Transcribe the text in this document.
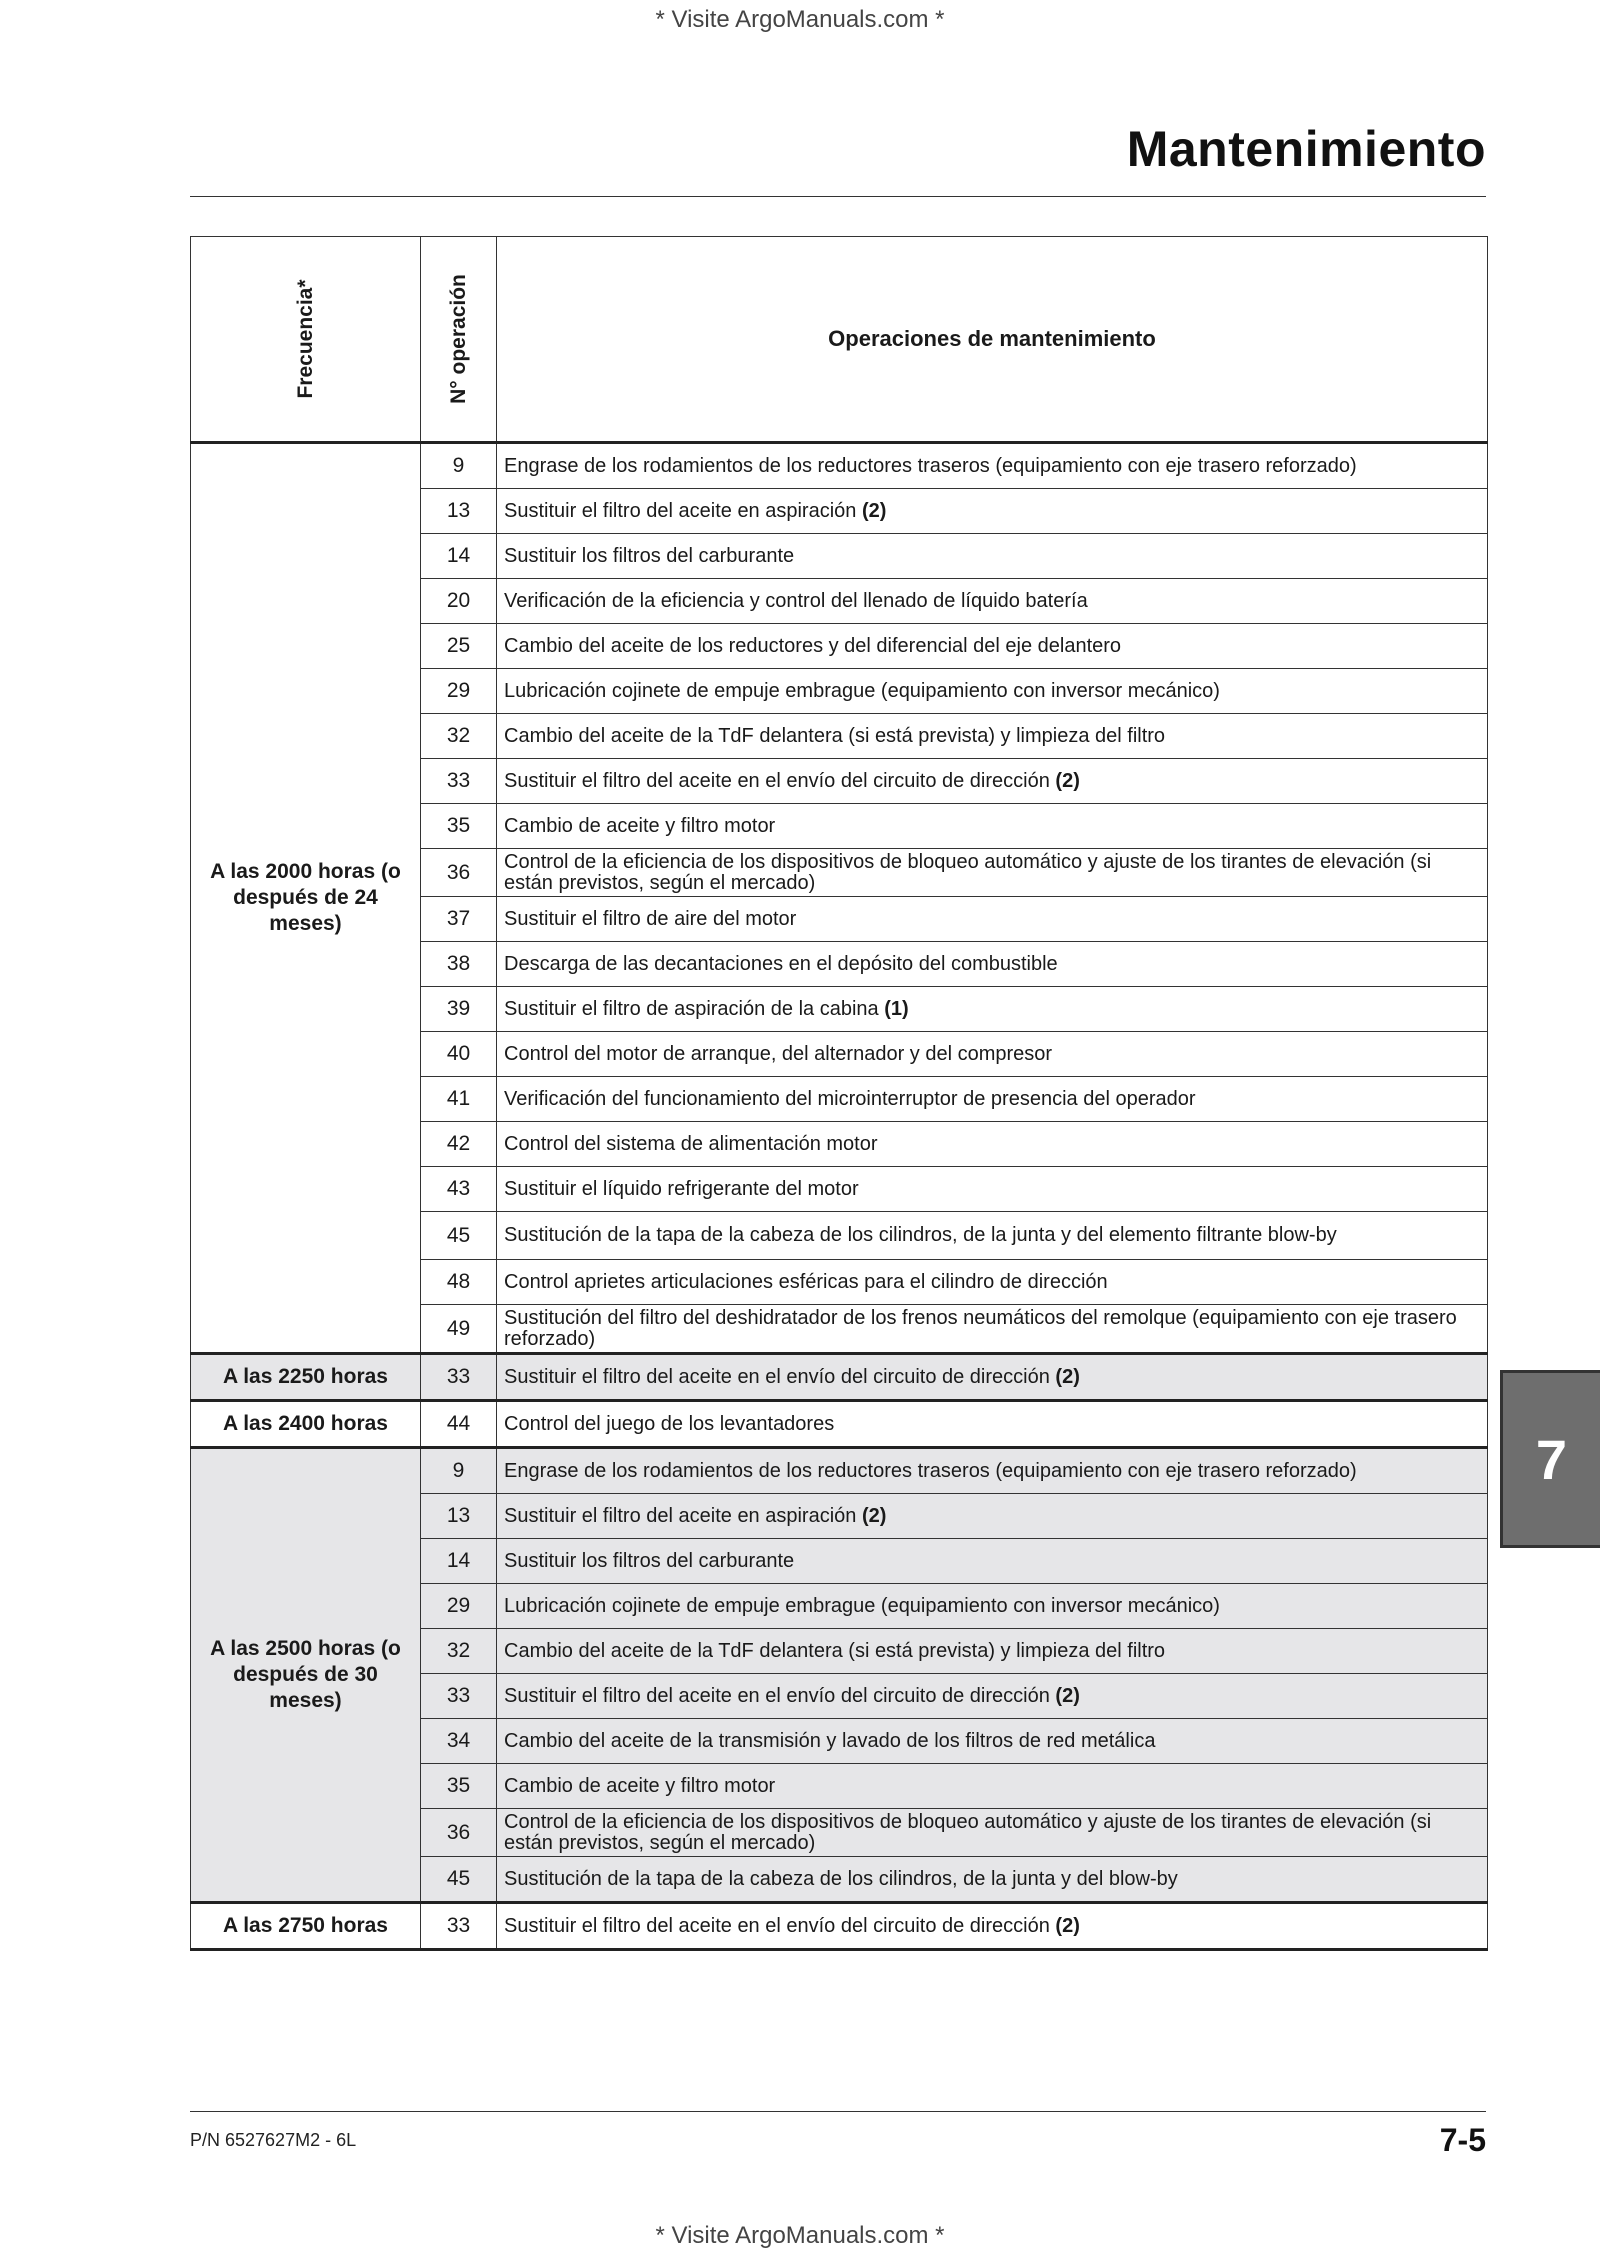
* Visite ArgoManuals.com *
Mantenimiento
Frecuencia*	N° operación	Operaciones de mantenimiento
A las 2000 horas (o después de 24 meses)	9	Engrase de los rodamientos de los reductores traseros (equipamiento con eje trasero reforzado)
	13	Sustituir el filtro del aceite en aspiración (2)
	14	Sustituir los filtros del carburante
	20	Verificación de la eficiencia y control del llenado de líquido batería
	25	Cambio del aceite de los reductores y del diferencial del eje delantero
	29	Lubricación cojinete de empuje embrague (equipamiento con inversor mecánico)
	32	Cambio del aceite de la TdF delantera (si está prevista) y limpieza del filtro
	33	Sustituir el filtro del aceite en el envío del circuito de dirección (2)
	35	Cambio de aceite y filtro motor
	36	Control de la eficiencia de los dispositivos de bloqueo automático y ajuste de los tirantes de elevación (si están previstos, según el mercado)
	37	Sustituir el filtro de aire del motor
	38	Descarga de las decantaciones en el depósito del combustible
	39	Sustituir el filtro de aspiración de la cabina (1)
	40	Control del motor de arranque, del alternador y del compresor
	41	Verificación del funcionamiento del microinterruptor de presencia del operador
	42	Control del sistema de alimentación motor
	43	Sustituir el líquido refrigerante del motor
	45	Sustitución de la tapa de la cabeza de los cilindros, de la junta y del elemento filtrante blow-by
	48	Control aprietes articulaciones esféricas para el cilindro de dirección
	49	Sustitución del filtro del deshidratador de los frenos neumáticos del remolque (equipamiento con eje trasero reforzado)
A las 2250 horas	33	Sustituir el filtro del aceite en el envío del circuito de dirección (2)
A las 2400 horas	44	Control del juego de los levantadores
A las 2500 horas (o después de 30 meses)	9	Engrase de los rodamientos de los reductores traseros (equipamiento con eje trasero reforzado)
	13	Sustituir el filtro del aceite en aspiración (2)
	14	Sustituir los filtros del carburante
	29	Lubricación cojinete de empuje embrague (equipamiento con inversor mecánico)
	32	Cambio del aceite de la TdF delantera (si está prevista) y limpieza del filtro
	33	Sustituir el filtro del aceite en el envío del circuito de dirección (2)
	34	Cambio del aceite de la transmisión y lavado de los filtros de red metálica
	35	Cambio de aceite y filtro motor
	36	Control de la eficiencia de los dispositivos de bloqueo automático y ajuste de los tirantes de elevación (si están previstos, según el mercado)
	45	Sustitución de la tapa de la cabeza de los cilindros, de la junta y del blow-by
A las 2750 horas	33	Sustituir el filtro del aceite en el envío del circuito de dirección (2)
7
P/N 6527627M2 - 6L	7-5
* Visite ArgoManuals.com *
